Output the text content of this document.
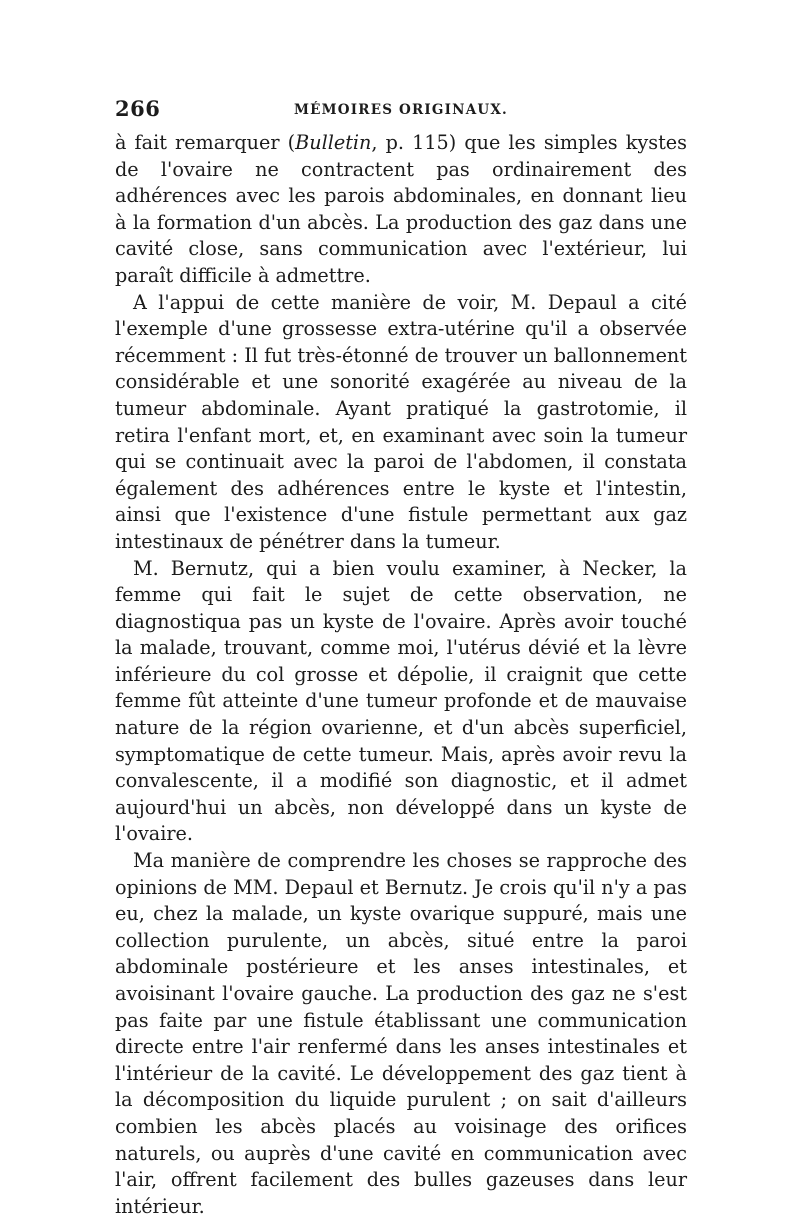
266	MÉMOIRES ORIGINAUX.

à fait remarquer (Bulletin, p. 115) que les simples kystes de l'ovaire ne contractent pas ordinairement des adhérences avec les parois abdominales, en donnant lieu à la formation d'un abcès. La production des gaz dans une cavité close, sans communication avec l'extérieur, lui paraît difficile à admettre.

A l'appui de cette manière de voir, M. Depaul a cité l'exemple d'une grossesse extra-utérine qu'il a observée récemment : Il fut très-étonné de trouver un ballonnement considérable et une sonorité exagérée au niveau de la tumeur abdominale. Ayant pratiqué la gastrotomie, il retira l'enfant mort, et, en examinant avec soin la tumeur qui se continuait avec la paroi de l'abdomen, il constata également des adhérences entre le kyste et l'intestin, ainsi que l'existence d'une fistule permettant aux gaz intestinaux de pénétrer dans la tumeur.

M. Bernutz, qui a bien voulu examiner, à Necker, la femme qui fait le sujet de cette observation, ne diagnostiqua pas un kyste de l'ovaire. Après avoir touché la malade, trouvant, comme moi, l'utérus dévié et la lèvre inférieure du col grosse et dépolie, il craignit que cette femme fût atteinte d'une tumeur profonde et de mauvaise nature de la région ovarienne, et d'un abcès superficiel, symptomatique de cette tumeur. Mais, après avoir revu la convalescente, il a modifié son diagnostic, et il admet aujourd'hui un abcès, non développé dans un kyste de l'ovaire.

Ma manière de comprendre les choses se rapproche des opinions de MM. Depaul et Bernutz. Je crois qu'il n'y a pas eu, chez la malade, un kyste ovarique suppuré, mais une collection purulente, un abcès, situé entre la paroi abdominale postérieure et les anses intestinales, et avoisinant l'ovaire gauche. La production des gaz ne s'est pas faite par une fistule établissant une communication directe entre l'air renfermé dans les anses intestinales et l'intérieur de la cavité. Le développement des gaz tient à la décomposition du liquide purulent ; on sait d'ailleurs combien les abcès placés au voisinage des orifices naturels, ou auprès d'une cavité en communication avec l'air, offrent facilement des bulles gazeuses dans leur intérieur.
